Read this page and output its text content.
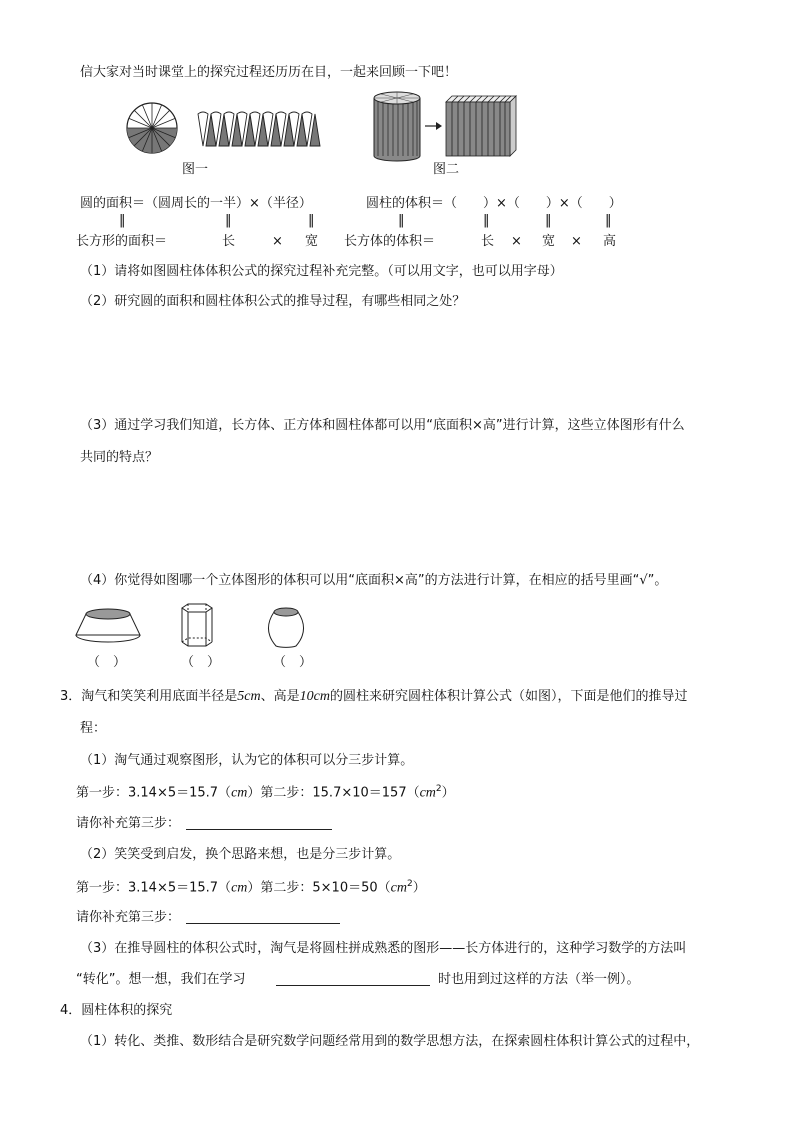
信大家对当时课堂上的探究过程还历历在目，一起来回顾一下吧！
图一	图二
圆的面积＝（圆周长的一半）×（半径）	圆柱的体积＝（　　）×（　　）×（　　）
‖	‖	‖	‖	‖	‖	‖
长方形的面积＝	长	× 宽 长方体的体积＝	长 × 宽 × 高
（1）请将如图圆柱体体积公式的探究过程补充完整。（可以用文字，也可以用字母）
（2）研究圆的面积和圆柱体积公式的推导过程，有哪些相同之处？
（3）通过学习我们知道，长方体、正方体和圆柱体都可以用“底面积×高”进行计算，这些立体图形有什么
共同的特点？
（4）你觉得如图哪一个立体图形的体积可以用“底面积×高”的方法进行计算，在相应的括号里画“√”。
（　）	（　）	（　）
3．淘气和笑笑利用底面半径是5cm、高是10cm的圆柱来研究圆柱体积计算公式（如图），下面是他们的推导过
程：
（1）淘气通过观察图形，认为它的体积可以分三步计算。
第一步：3.14×5＝15.7（cm）第二步：$15.7\times 10=157(cm^2)$
请你补充第三步：
（2）笑笑受到启发，换个思路来想，也是分三步计算。
第一步：3.14×5＝15.7（cm）第二步：$5\times 10=50(cm^2)$
请你补充第三步：
（3）在推导圆柱的体积公式时，淘气是将圆柱拼成熟悉的图形——长方体进行的，这种学习数学的方法叫
“转化”。想一想，我们在学习	时也用到过这样的方法（举一例）。
4．圆柱体积的探究
（1）转化、类推、数形结合是研究数学问题经常用到的数学思想方法，在探索圆柱体积计算公式的过程中，
